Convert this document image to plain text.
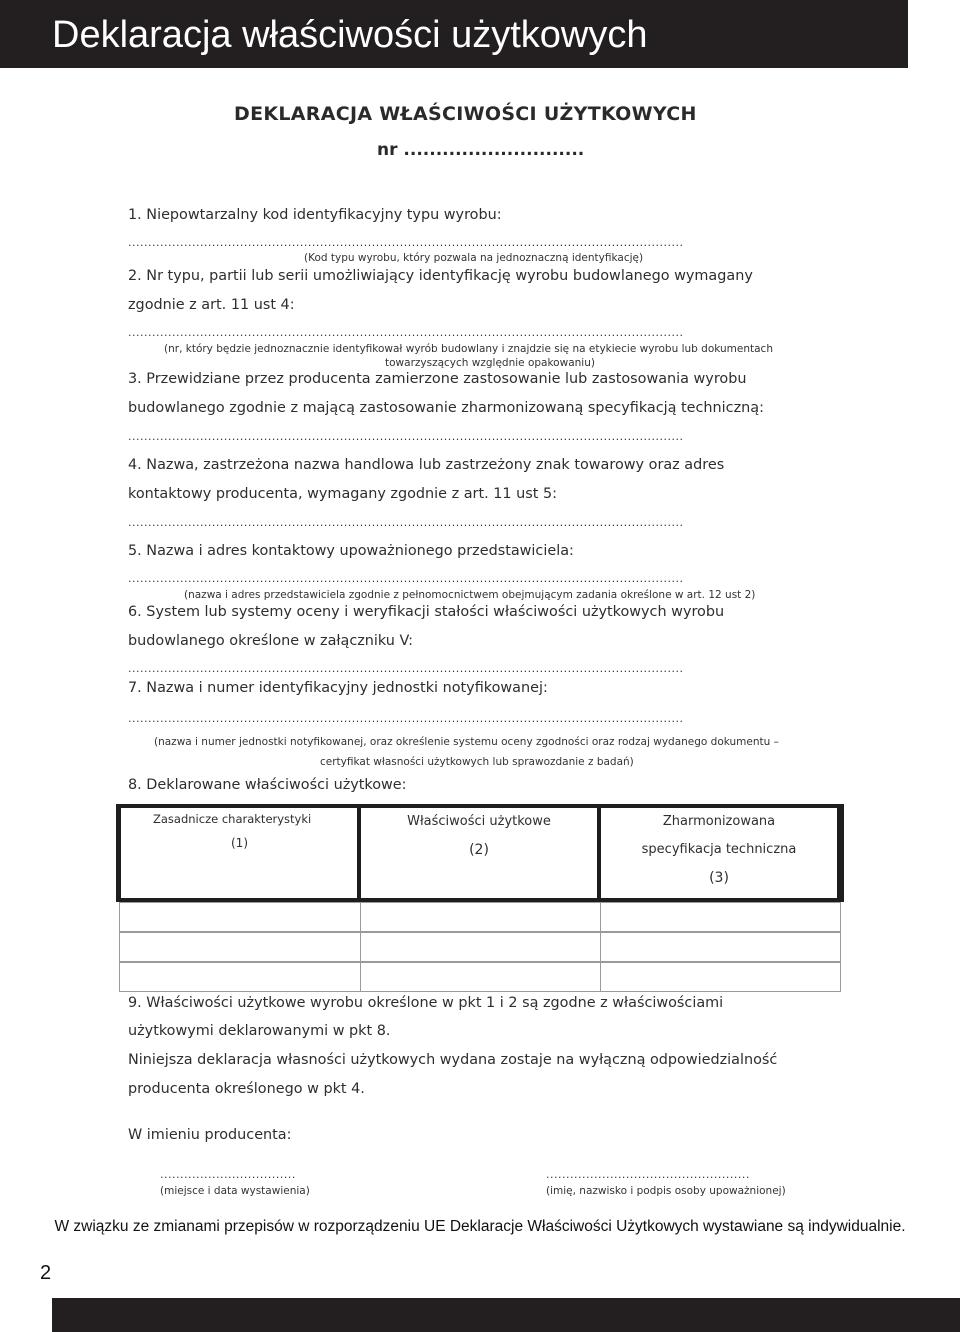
Deklaracja właściwości użytkowych
DEKLARACJA WŁAŚCIWOŚCI UŻYTKOWYCH
nr ............................
1. Niepowtarzalny kod identyfikacyjny typu wyrobu:
...........................................................................................................................................
(Kod typu wyrobu, który pozwala na jednoznaczną identyfikację)
2. Nr typu, partii lub serii umożliwiający identyfikację wyrobu budowlanego wymagany
zgodnie z art. 11 ust 4:
...........................................................................................................................................
(nr, który będzie jednoznacznie identyfikował wyrób budowlany i znajdzie się na etykiecie wyrobu lub dokumentach
towarzyszących względnie opakowaniu)
3. Przewidziane przez producenta zamierzone zastosowanie lub zastosowania wyrobu
budowlanego zgodnie z mającą zastosowanie zharmonizowaną specyfikacją techniczną:
...........................................................................................................................................
4. Nazwa, zastrzeżona nazwa handlowa lub zastrzeżony znak towarowy oraz adres
kontaktowy producenta, wymagany zgodnie z art. 11 ust 5:
...........................................................................................................................................
5. Nazwa i adres kontaktowy upoważnionego przedstawiciela:
...........................................................................................................................................
(nazwa i adres przedstawiciela zgodnie z pełnomocnictwem obejmującym zadania określone w art. 12 ust 2)
6. System lub systemy oceny i weryfikacji stałości właściwości użytkowych wyrobu
budowlanego określone w załączniku V:
...........................................................................................................................................
7. Nazwa i numer identyfikacyjny jednostki notyfikowanej:
...........................................................................................................................................
(nazwa i numer jednostki notyfikowanej, oraz określenie systemu oceny zgodności oraz rodzaj wydanego dokumentu –
certyfikat własności użytkowych lub sprawozdanie z badań)
8. Deklarowane właściwości użytkowe:
Zasadnicze charakterystyki
(1)
Właściwości użytkowe
(2)
Zharmonizowana
specyfikacja techniczna
(3)
9. Właściwości użytkowe wyrobu określone w pkt 1 i 2 są zgodne z właściwościami
użytkowymi deklarowanymi w pkt 8.
Niniejsza deklaracja własności użytkowych wydana zostaje na wyłączną odpowiedzialność
producenta określonego w pkt 4.
W imieniu producenta:
..................................
(miejsce i data wystawienia)
...................................................
(imię, nazwisko i podpis osoby upoważnionej)
W związku ze zmianami przepisów w rozporządzeniu UE Deklaracje Właściwości Użytkowych wystawiane są indywidualnie.
2
